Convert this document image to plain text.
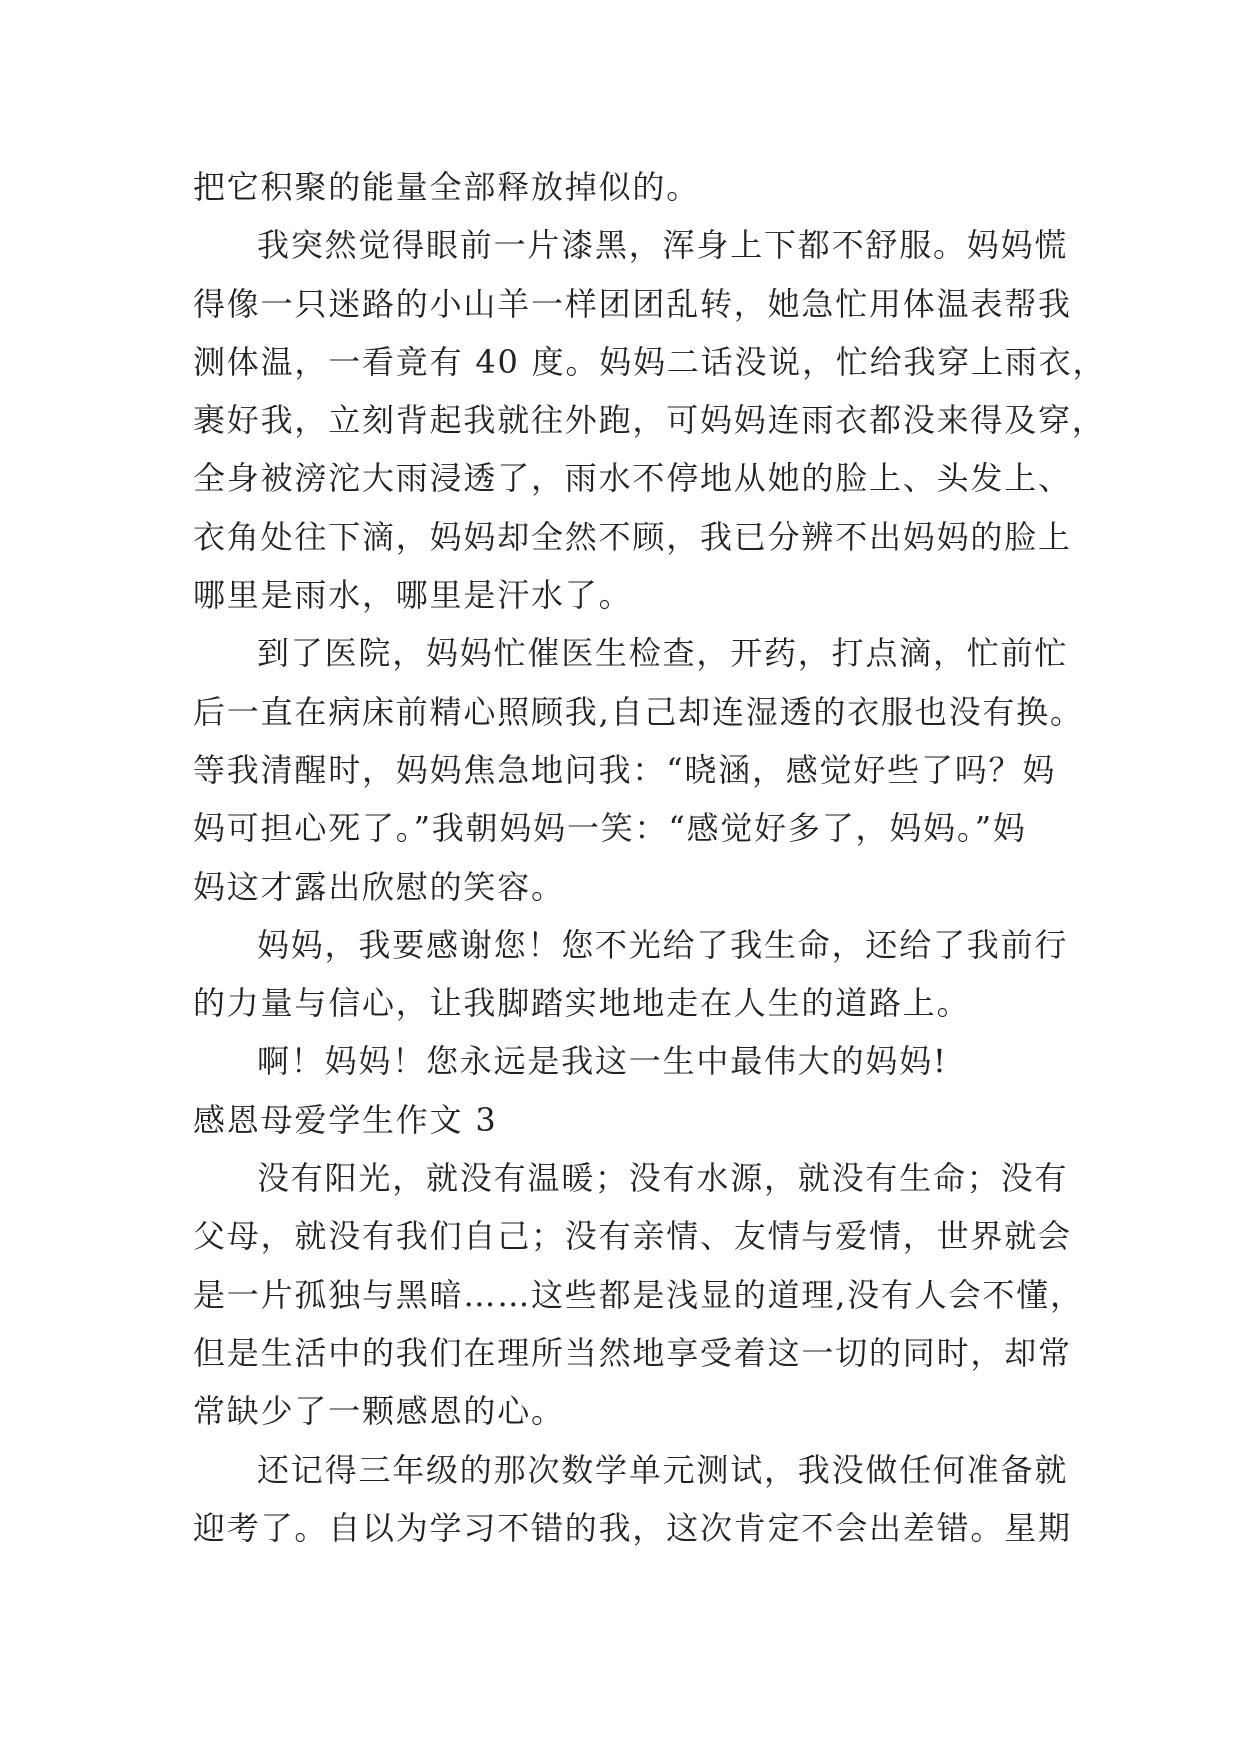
把它积聚的能量全部释放掉似的。
我突然觉得眼前一片漆黑，浑身上下都不舒服。妈妈慌
得像一只迷路的小山羊一样团团乱转，她急忙用体温表帮我
测体温，一看竟有 40 度。妈妈二话没说，忙给我穿上雨衣，
裹好我，立刻背起我就往外跑，可妈妈连雨衣都没来得及穿，
全身被滂沱大雨浸透了，雨水不停地从她的脸上、头发上、
衣角处往下滴，妈妈却全然不顾，我已分辨不出妈妈的脸上
哪里是雨水，哪里是汗水了。
到了医院，妈妈忙催医生检查，开药，打点滴，忙前忙
后一直在病床前精心照顾我,自己却连湿透的衣服也没有换。
等我清醒时，妈妈焦急地问我：“晓涵，感觉好些了吗？妈
妈可担心死了。”我朝妈妈一笑：“感觉好多了，妈妈。”妈
妈这才露出欣慰的笑容。
妈妈，我要感谢您！您不光给了我生命，还给了我前行
的力量与信心，让我脚踏实地地走在人生的道路上。
啊！妈妈！您永远是我这一生中最伟大的妈妈!
感恩母爱学生作文 3
没有阳光，就没有温暖；没有水源，就没有生命；没有
父母，就没有我们自己；没有亲情、友情与爱情，世界就会
是一片孤独与黑暗……这些都是浅显的道理,没有人会不懂，
但是生活中的我们在理所当然地享受着这一切的同时，却常
常缺少了一颗感恩的心。
还记得三年级的那次数学单元测试，我没做任何准备就
迎考了。自以为学习不错的我，这次肯定不会出差错。星期
